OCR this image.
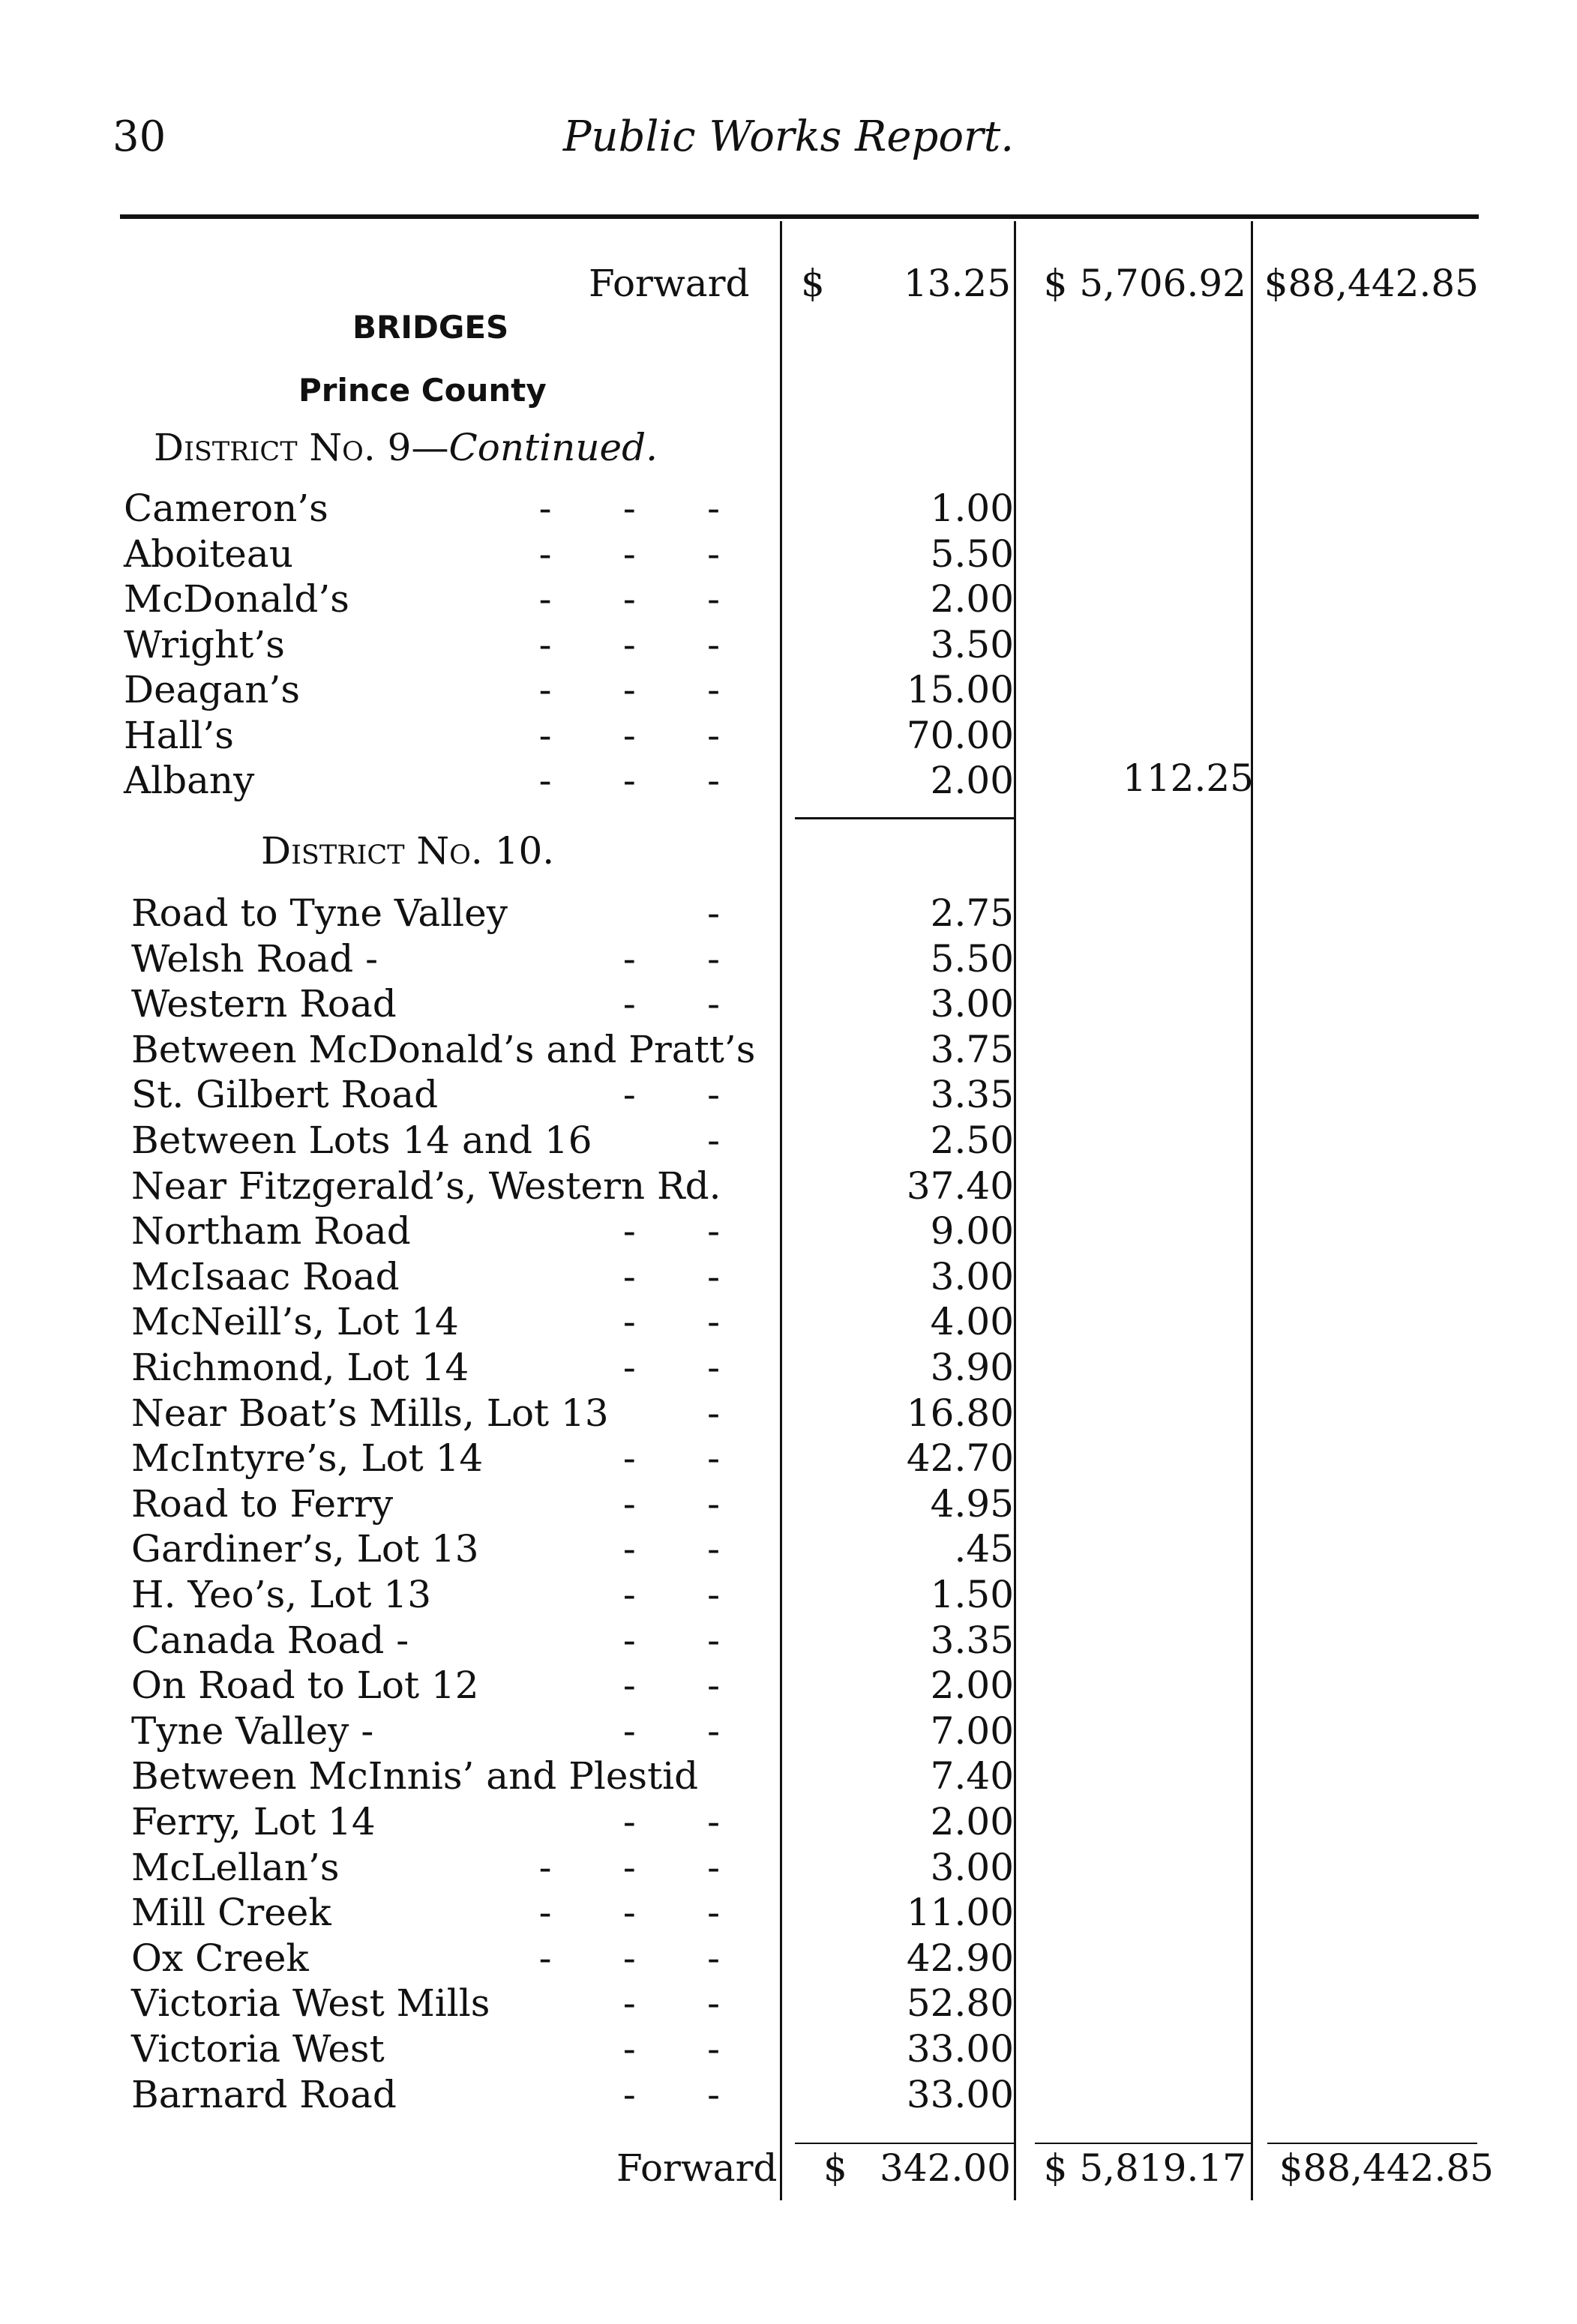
30	Public Works Report.
Forward $	13.25 $ 5,706.92 $88,442.85
BRIDGES
Prince County
District No. 9—Continued.
Cameron’s	-      -      -	1.00
Aboiteau	-      -      -	5.50
McDonald’s	-      -      -	2.00
Wright’s	-      -      -	3.50
Deagan’s	-      -      -	15.00
Hall’s	-      -      -	70.00
Albany	-      -      -	2.00	112.25
District No. 10.
Road to Tyne Valley	-	2.75
Welsh Road -	-      -	5.50
Western Road	-      -	3.00
Between McDonald’s and Pratt’s	3.75
St. Gilbert Road	-      -	3.35
Between Lots 14 and 16	-	2.50
Near Fitzgerald’s, Western Rd.	37.40
Northam Road	-      -	9.00
McIsaac Road	-      -	3.00
McNeill’s, Lot 14	-      -	4.00
Richmond, Lot 14	-      -	3.90
Near Boat’s Mills, Lot 13	-	16.80
McIntyre’s, Lot 14	-      -	42.70
Road to Ferry	-      -	4.95
Gardiner’s, Lot 13	-      -	.45
H. Yeo’s, Lot 13	-      -	1.50
Canada Road -	-      -	3.35
On Road to Lot 12	-      -	2.00
Tyne Valley -	-      -	7.00
Between McInnis’ and Plestid	7.40
Ferry, Lot 14	-      -	2.00
McLellan’s	-      -      -	3.00
Mill Creek	-      -      -	11.00
Ox Creek	-      -      -	42.90
Victoria West Mills	-      -	52.80
Victoria West	-      -	33.00
Barnard Road	-      -	33.00
Forward $ 342.00 $ 5,819.17 $88,442.85
